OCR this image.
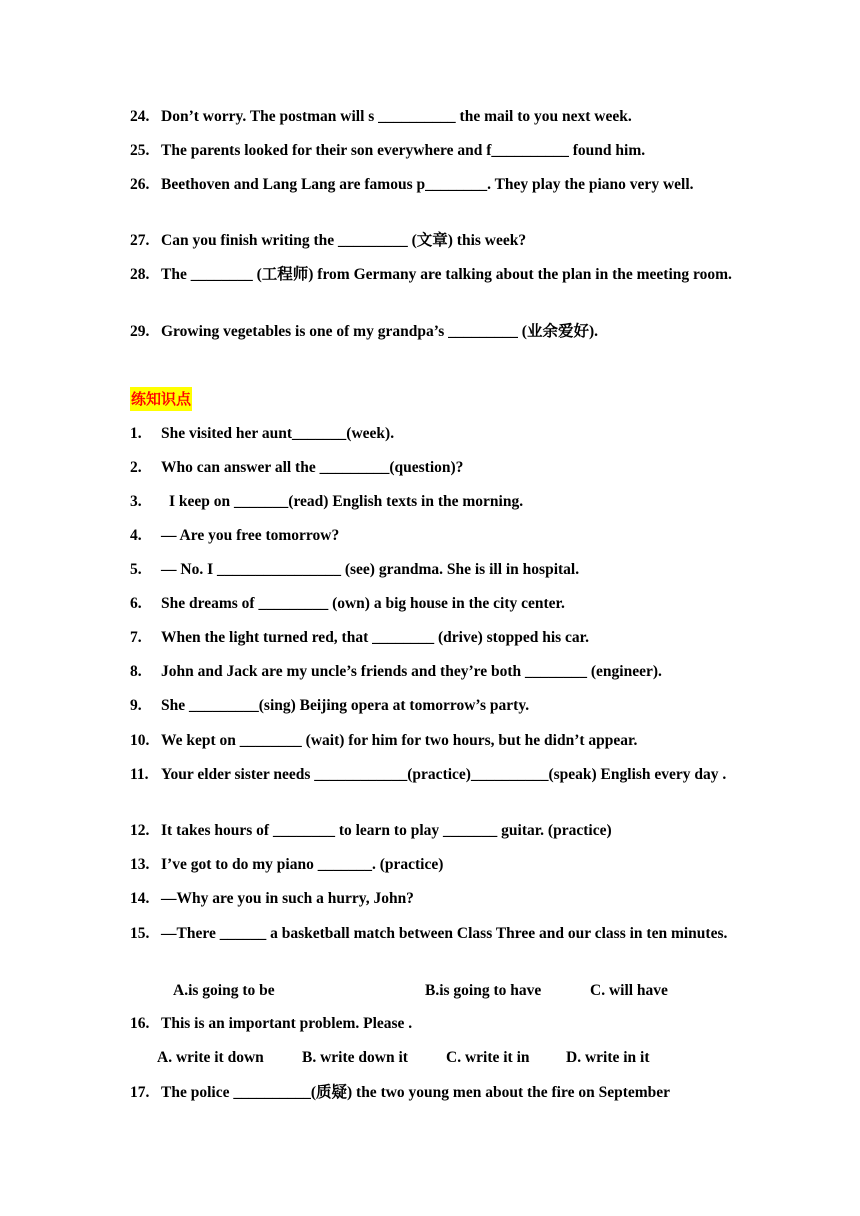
24. Don’t worry. The postman will s __________ the mail to you next week.
25. The parents looked for their son everywhere and f__________ found him.
26. Beethoven and Lang Lang are famous p________. They play the piano very well.
27. Can you finish writing the _________ (文章) this week?
28. The ________ (工程师) from Germany are talking about the plan in the meeting room.
29. Growing vegetables is one of my grandpa’s _________ (业余爱好).
练知识点
1. She visited her aunt_______(week).
2. Who can answer all the _________(question)?
3. I keep on _______(read) English texts in the morning.
4. — Are you free tomorrow?
5. — No. I ________________ (see) grandma. She is ill in hospital.
6. She dreams of _________ (own) a big house in the city center.
7. When the light turned red, that ________ (drive) stopped his car.
8. John and Jack are my uncle’s friends and they’re both ________ (engineer).
9. She _________(sing) Beijing opera at tomorrow’s party.
10. We kept on ________ (wait) for him for two hours, but he didn’t appear.
11. Your elder sister needs ____________(practice)__________(speak) English every day .
12. It takes hours of ________ to learn to play _______ guitar. (practice)
13. I’ve got to do my piano _______. (practice)
14. —Why are you in such a hurry, John?
15. —There ______ a basketball match between Class Three and our class in ten minutes.
A.is going to be	B.is going to have	C. will have
16. This is an important problem. Please .
A. write it down B. write down it C. write it in D. write in it
17. The police __________(质疑) the two young men about the fire on September
